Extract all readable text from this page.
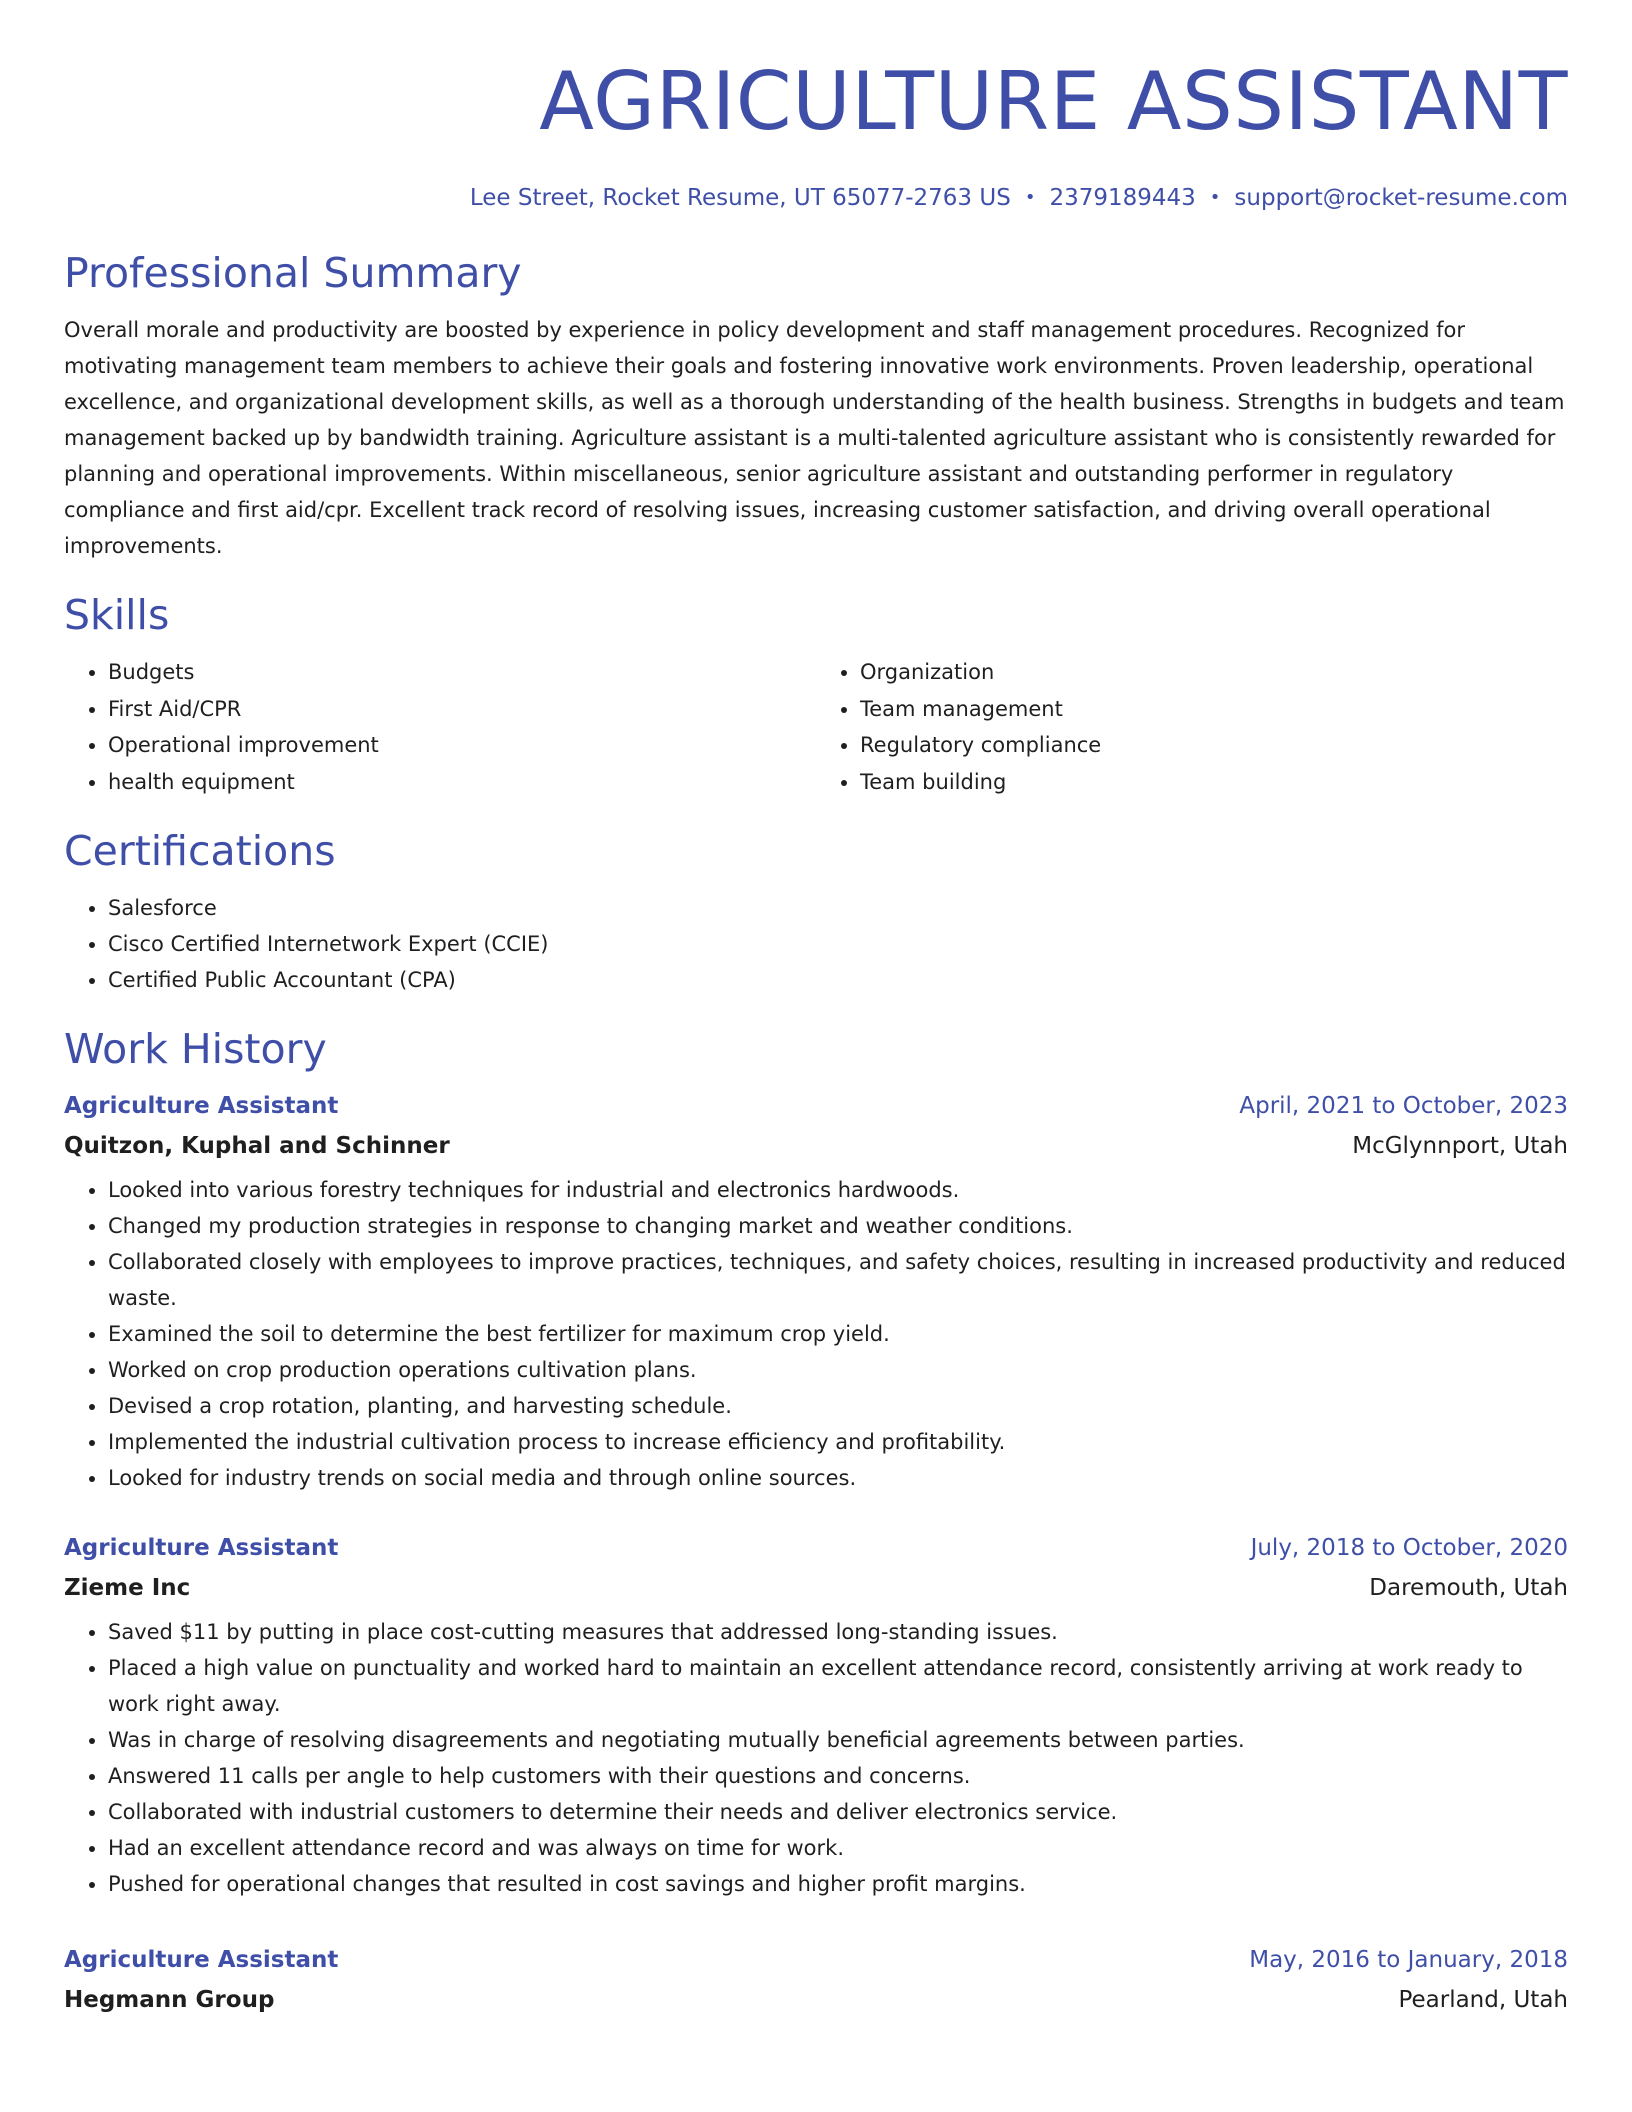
AGRICULTURE ASSISTANT
Lee Street, Rocket Resume, UT 65077-2763 US • 2379189443 • support@rocket-resume.com
Professional Summary
Overall morale and productivity are boosted by experience in policy development and staff management procedures. Recognized for motivating management team members to achieve their goals and fostering innovative work environments. Proven leadership, operational excellence, and organizational development skills, as well as a thorough understanding of the health business. Strengths in budgets and team management backed up by bandwidth training. Agriculture assistant is a multi-talented agriculture assistant who is consistently rewarded for planning and operational improvements. Within miscellaneous, senior agriculture assistant and outstanding performer in regulatory compliance and first aid/cpr. Excellent track record of resolving issues, increasing customer satisfaction, and driving overall operational improvements.
Skills
• Budgets
• First Aid/CPR
• Operational improvement
• health equipment
• Organization
• Team management
• Regulatory compliance
• Team building
Certifications
• Salesforce
• Cisco Certified Internetwork Expert (CCIE)
• Certified Public Accountant (CPA)
Work History
Agriculture Assistant	April, 2021 to October, 2023
Quitzon, Kuphal and Schinner	McGlynnport, Utah
• Looked into various forestry techniques for industrial and electronics hardwoods.
• Changed my production strategies in response to changing market and weather conditions.
• Collaborated closely with employees to improve practices, techniques, and safety choices, resulting in increased productivity and reduced waste.
• Examined the soil to determine the best fertilizer for maximum crop yield.
• Worked on crop production operations cultivation plans.
• Devised a crop rotation, planting, and harvesting schedule.
• Implemented the industrial cultivation process to increase efficiency and profitability.
• Looked for industry trends on social media and through online sources.
Agriculture Assistant	July, 2018 to October, 2020
Zieme Inc	Daremouth, Utah
• Saved $11 by putting in place cost-cutting measures that addressed long-standing issues.
• Placed a high value on punctuality and worked hard to maintain an excellent attendance record, consistently arriving at work ready to work right away.
• Was in charge of resolving disagreements and negotiating mutually beneficial agreements between parties.
• Answered 11 calls per angle to help customers with their questions and concerns.
• Collaborated with industrial customers to determine their needs and deliver electronics service.
• Had an excellent attendance record and was always on time for work.
• Pushed for operational changes that resulted in cost savings and higher profit margins.
Agriculture Assistant	May, 2016 to January, 2018
Hegmann Group	Pearland, Utah
